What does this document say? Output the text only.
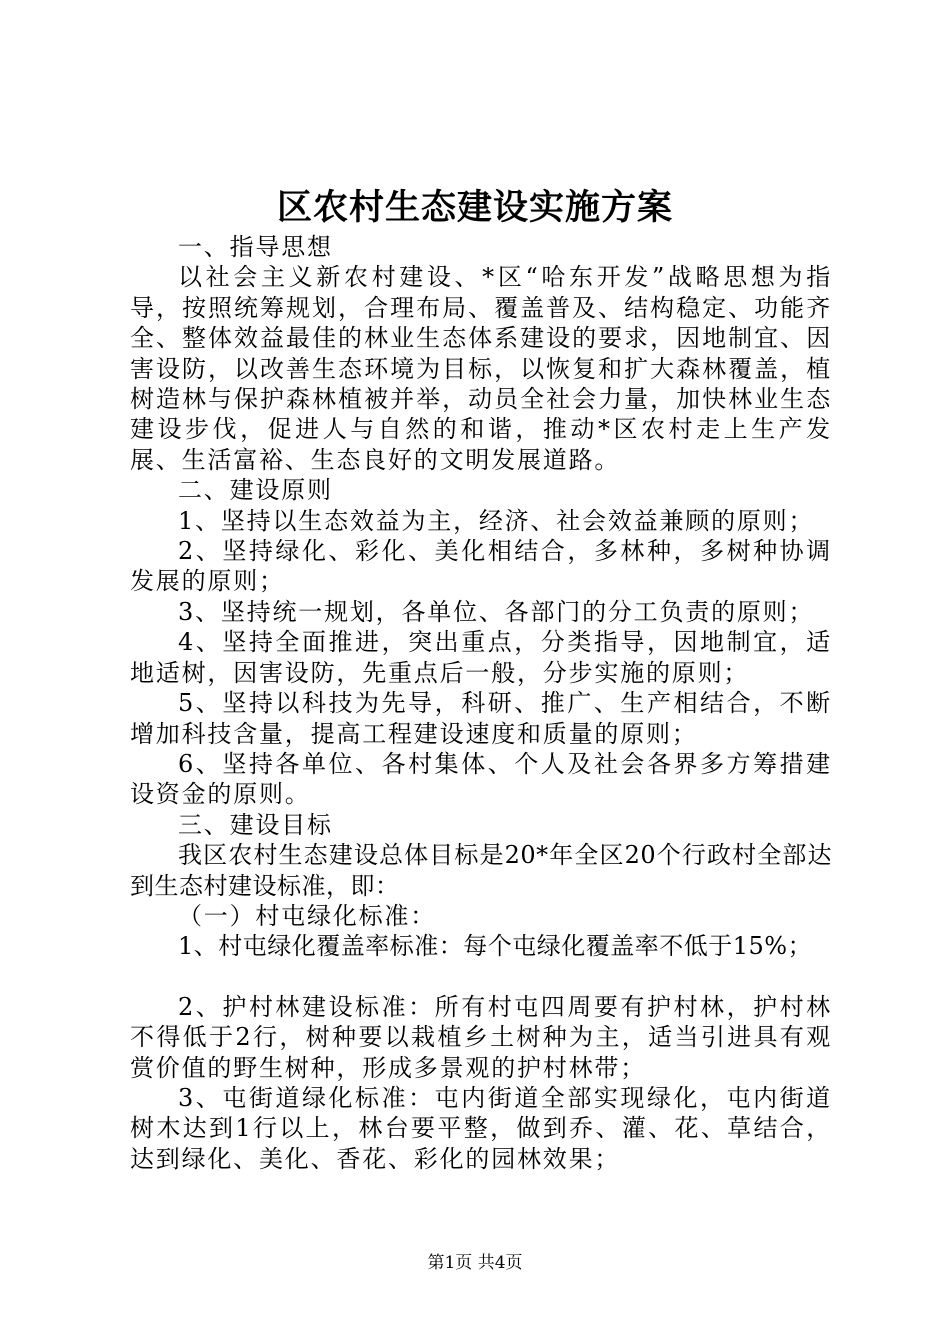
区农村生态建设实施方案

一、指导思想

以社会主义新农村建设、*区“哈东开发”战略思想为指导，按照统筹规划，合理布局、覆盖普及、结构稳定、功能齐全、整体效益最佳的林业生态体系建设的要求，因地制宜、因害设防，以改善生态环境为目标，以恢复和扩大森林覆盖，植树造林与保护森林植被并举，动员全社会力量，加快林业生态建设步伐，促进人与自然的和谐，推动*区农村走上生产发展、生活富裕、生态良好的文明发展道路。

二、建设原则

1、坚持以生态效益为主，经济、社会效益兼顾的原则；

2、坚持绿化、彩化、美化相结合，多林种，多树种协调发展的原则；

3、坚持统一规划，各单位、各部门的分工负责的原则；

4、坚持全面推进，突出重点，分类指导，因地制宜，适地适树，因害设防，先重点后一般，分步实施的原则；

5、坚持以科技为先导，科研、推广、生产相结合，不断增加科技含量，提高工程建设速度和质量的原则；

6、坚持各单位、各村集体、个人及社会各界多方筹措建设资金的原则。

三、建设目标

我区农村生态建设总体目标是20*年全区20个行政村全部达到生态村建设标准，即：

（一）村屯绿化标准：

1、村屯绿化覆盖率标准：每个屯绿化覆盖率不低于15%；

2、护村林建设标准：所有村屯四周要有护村林，护村林不得低于2行，树种要以栽植乡土树种为主，适当引进具有观赏价值的野生树种，形成多景观的护村林带；

3、屯街道绿化标准：屯内街道全部实现绿化，屯内街道树木达到1行以上，林台要平整，做到乔、灌、花、草结合，达到绿化、美化、香花、彩化的园林效果；

第1页 共4页
